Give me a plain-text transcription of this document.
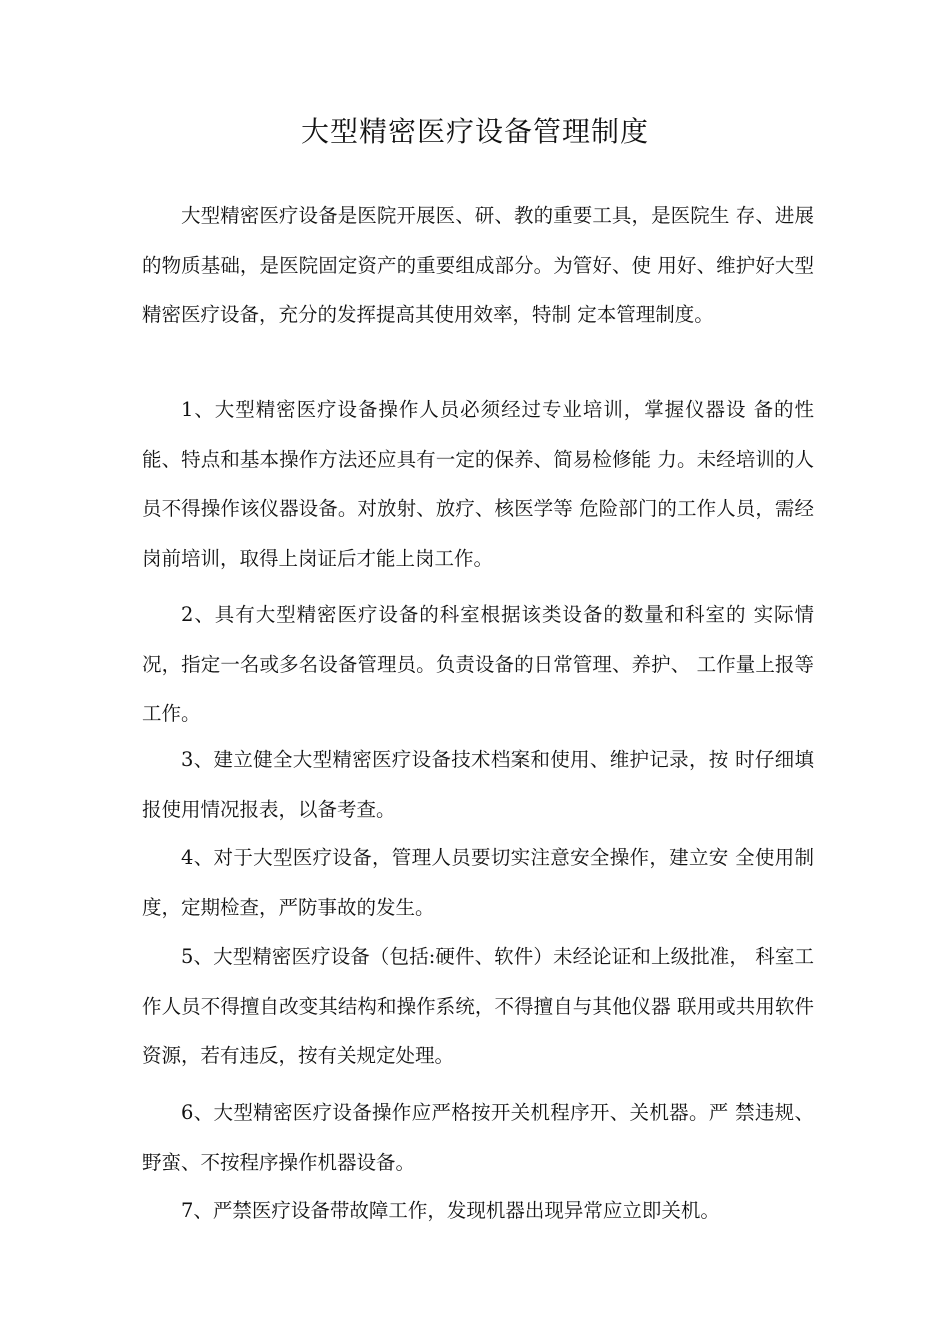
大型精密医疗设备管理制度

大型精密医疗设备是医院开展医、研、教的重要工具，是医院生 存、进展的物质基础，是医院固定资产的重要组成部分。为管好、使 用好、维护好大型精密医疗设备，充分的发挥提高其使用效率，特制 定本管理制度。

1、大型精密医疗设备操作人员必须经过专业培训，掌握仪器设 备的性能、特点和基本操作方法还应具有一定的保养、简易检修能 力。未经培训的人员不得操作该仪器设备。对放射、放疗、核医学等 危险部门的工作人员，需经岗前培训，取得上岗证后才能上岗工作。

2、具有大型精密医疗设备的科室根据该类设备的数量和科室的 实际情况，指定一名或多名设备管理员。负责设备的日常管理、养护、 工作量上报等工作。

3、建立健全大型精密医疗设备技术档案和使用、维护记录，按 时仔细填报使用情况报表，以备考查。

4、对于大型医疗设备，管理人员要切实注意安全操作，建立安 全使用制度，定期检查，严防事故的发生。

5、大型精密医疗设备（包括:硬件、软件）未经论证和上级批准， 科室工作人员不得擅自改变其结构和操作系统，不得擅自与其他仪器 联用或共用软件资源，若有违反，按有关规定处理。

6、大型精密医疗设备操作应严格按开关机程序开、关机器。严 禁违规、野蛮、不按程序操作机器设备。

7、严禁医疗设备带故障工作，发现机器出现异常应立即关机。
